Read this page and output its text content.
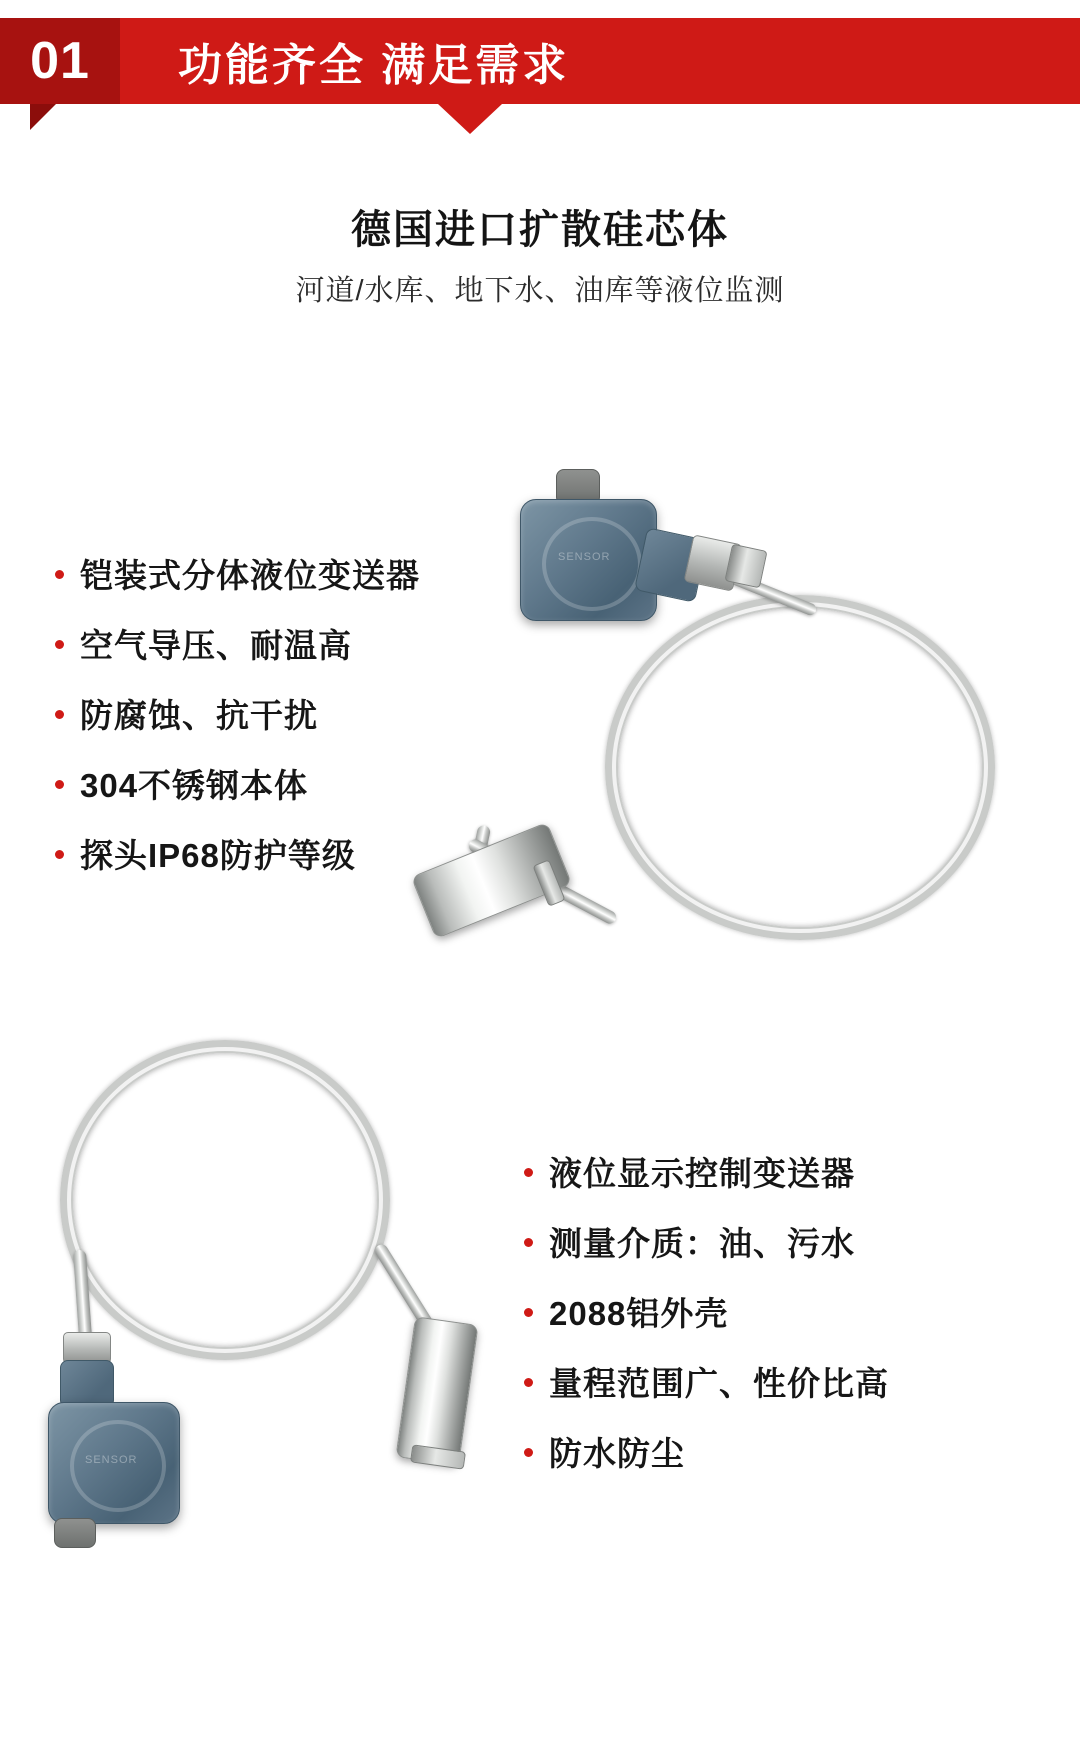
01 功能齐全 满足需求
德国进口扩散硅芯体
河道/水库、地下水、油库等液位监测
铠装式分体液位变送器
空气导压、耐温高
防腐蚀、抗干扰
304不锈钢本体
探头IP68防护等级
SENSOR
液位显示控制变送器
测量介质：油、污水
2088铝外壳
量程范围广、性价比高
防水防尘
SENSOR
